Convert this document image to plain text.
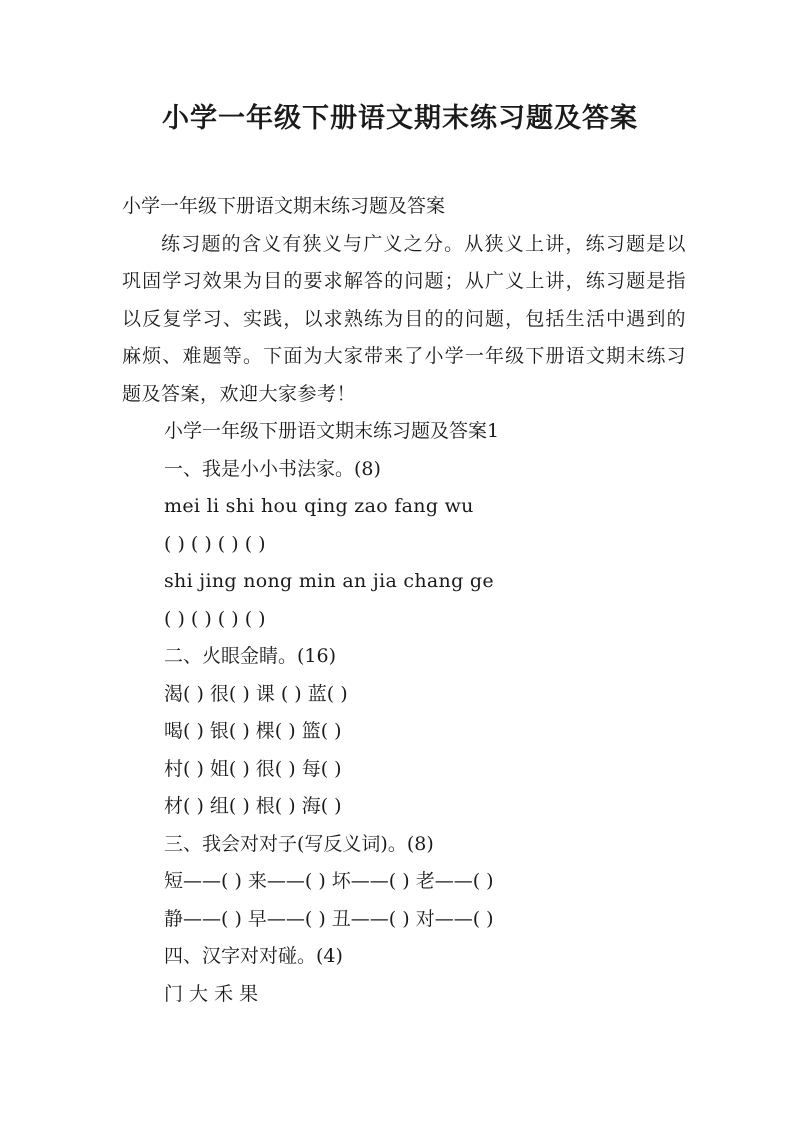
小学一年级下册语文期末练习题及答案

小学一年级下册语文期末练习题及答案

练习题的含义有狭义与广义之分。从狭义上讲，练习题是以巩固学习效果为目的要求解答的问题；从广义上讲，练习题是指以反复学习、实践，以求熟练为目的的问题，包括生活中遇到的麻烦、难题等。下面为大家带来了小学一年级下册语文期末练习题及答案，欢迎大家参考！

小学一年级下册语文期末练习题及答案1

一、我是小小书法家。(8)

mei li shi hou qing zao fang wu

( ) ( ) ( ) ( )

shi jing nong min an jia chang ge

( ) ( ) ( ) ( )

二、火眼金睛。(16)

渴( ) 很( ) 课 ( ) 蓝( )

喝( ) 银( ) 棵( ) 篮( )

村( ) 姐( ) 很( ) 每( )

材( ) 组( ) 根( ) 海( )

三、我会对对子(写反义词)。(8)

短——( ) 来——( ) 坏——( ) 老——( )

静——( ) 早——( ) 丑——( ) 对——( )

四、汉字对对碰。(4)

门 大 禾 果
